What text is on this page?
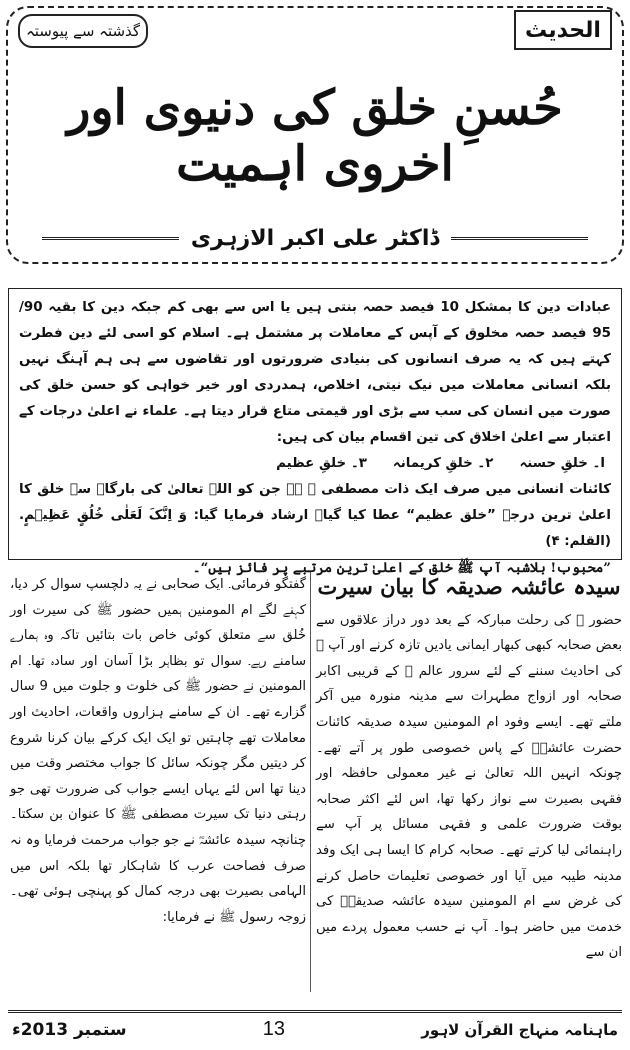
گذشتہ سے پیوستہ	الحدیث
حُسنِ خلق کی دنیوی اور اخروی اہمیت
ڈاکٹر علی اکبر الازہری

عبادات دین کا بمشکل 10 فیصد حصہ بنتی ہیں یا اس سے بھی کم جبکہ دین کا بقیہ 90/ 95 فیصد حصہ مخلوق کے آپس کے معاملات پر مشتمل ہے۔ اسلام کو اسی لئے دین فطرت کہتے ہیں کہ یہ صرف انسانوں کی بنیادی ضرورتوں اور تقاضوں سے ہی ہم آہنگ نہیں بلکہ انسانی معاملات میں نیک نیتی، اخلاص، ہمدردی اور خیر خواہی کو حسن خلق کی صورت میں انسان کی سب سے بڑی اور قیمتی متاع قرار دیتا ہے۔ علماء نے اعلیٰ درجات کے اعتبار سے اعلیٰ اخلاق کی تین اقسام بیان کی ہیں:

ا۔ خلقِ حسنہ
۲۔ خلقِ کریمانہ
۳۔ خلقِ عظیم

کائنات انسانی میں صرف ایک ذات مصطفی ﷺ ہے جن کو اللہ تعالیٰ کی بارگاہ سے خلق کا اعلیٰ ترین درجہ ”خلق عظیم“ عطا کیا گیا۔ ارشاد فرمایا گیا: وَ اِنَّکَ لَعَلٰی خُلُقٍ عَظِیۡمٍ. (القلم: ۴)

”محبوب! بلاشبہ آپ ﷺ خلق کے اعلیٰ ترین مرتبے پر فائز ہیں“۔

سیدہ عائشہ صدیقہ کا بیان سیرت

حضور ﷺ کی رحلت مبارکہ کے بعد دور دراز علاقوں سے بعض صحابہ کبھی کبھار ایمانی یادیں تازہ کرنے اور آپ ﷺ کی احادیث سننے کے لئے سرور عالم ﷺ کے قریبی اکابر صحابہ اور ازواج مطہرات سے مدینہ منورہ میں آکر ملتے تھے۔ ایسے وفود ام المومنین سیدہ صدیقہ کائنات حضرت عائشہؓ کے پاس خصوصی طور پر آتے تھے۔ چونکہ انہیں اللہ تعالیٰ نے غیر معمولی حافظہ اور فقہی بصیرت سے نواز رکھا تھا، اس لئے اکثر صحابہ بوقت ضرورت علمی و فقہی مسائل پر آپ سے راہنمائی لیا کرتے تھے۔ صحابہ کرام کا ایسا ہی ایک وفد مدینہ طیبہ میں آیا اور خصوصی تعلیمات حاصل کرنے کی غرض سے ام المومنین سیدہ عائشہ صدیقہؓ کی خدمت میں حاضر ہوا۔ آپ نے حسب معمول پردے میں ان سے

گفتگو فرمائی۔ ایک صحابی نے یہ دلچسپ سوال کر دیا، کہنے لگے ام المومنین ہمیں حضور ﷺ کی سیرت اور خُلق سے متعلق کوئی خاص بات بتائیں تاکہ وہ ہمارے سامنے رہے۔ سوال تو بظاہر بڑا آسان اور سادہ تھا۔ ام المومنین نے حضور ﷺ کی خلوت و جلوت میں 9 سال گزارے تھے۔ ان کے سامنے ہزاروں واقعات، احادیث اور معاملات تھے چاہتیں تو ایک ایک کرکے بیان کرنا شروع کر دیتیں مگر چونکہ سائل کا جواب مختصر وقت میں دینا تھا اس لئے یہاں ایسے جواب کی ضرورت تھی جو رہتی دنیا تک سیرت مصطفی ﷺ کا عنوان بن سکتا۔ چنانچہ سیدہ عائشہؓ نے جو جواب مرحمت فرمایا وہ نہ صرف فصاحت عرب کا شاہکار تھا بلکہ اس میں الہامی بصیرت بھی درجہ کمال کو پہنچی ہوئی تھی۔ زوجہ رسول ﷺ نے فرمایا:

ماہنامہ منہاج القرآن لاہور
13
ستمبر 2013ء
